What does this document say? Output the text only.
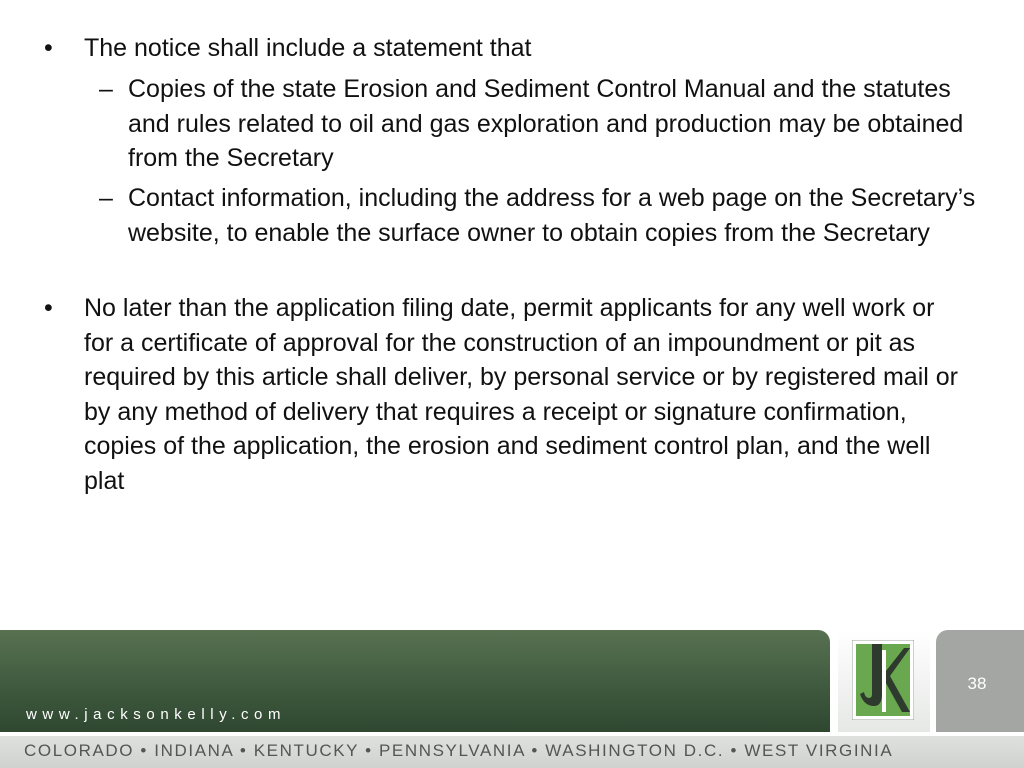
• The notice shall include a statement that
– Copies of the state Erosion and Sediment Control Manual and the statutes and rules related to oil and gas exploration and production may be obtained from the Secretary
– Contact information, including the address for a web page on the Secretary’s website, to enable the surface owner to obtain copies from the Secretary
• No later than the application filing date, permit applicants for any well work or for a certificate of approval for the construction of an impoundment or pit as required by this article shall deliver, by personal service or by registered mail or by any method of delivery that requires a receipt or signature confirmation, copies of the application, the erosion and sediment control plan, and the well plat
www.jacksonkelly.com
38
COLORADO • INDIANA • KENTUCKY • PENNSYLVANIA • WASHINGTON D.C. • WEST VIRGINIA
